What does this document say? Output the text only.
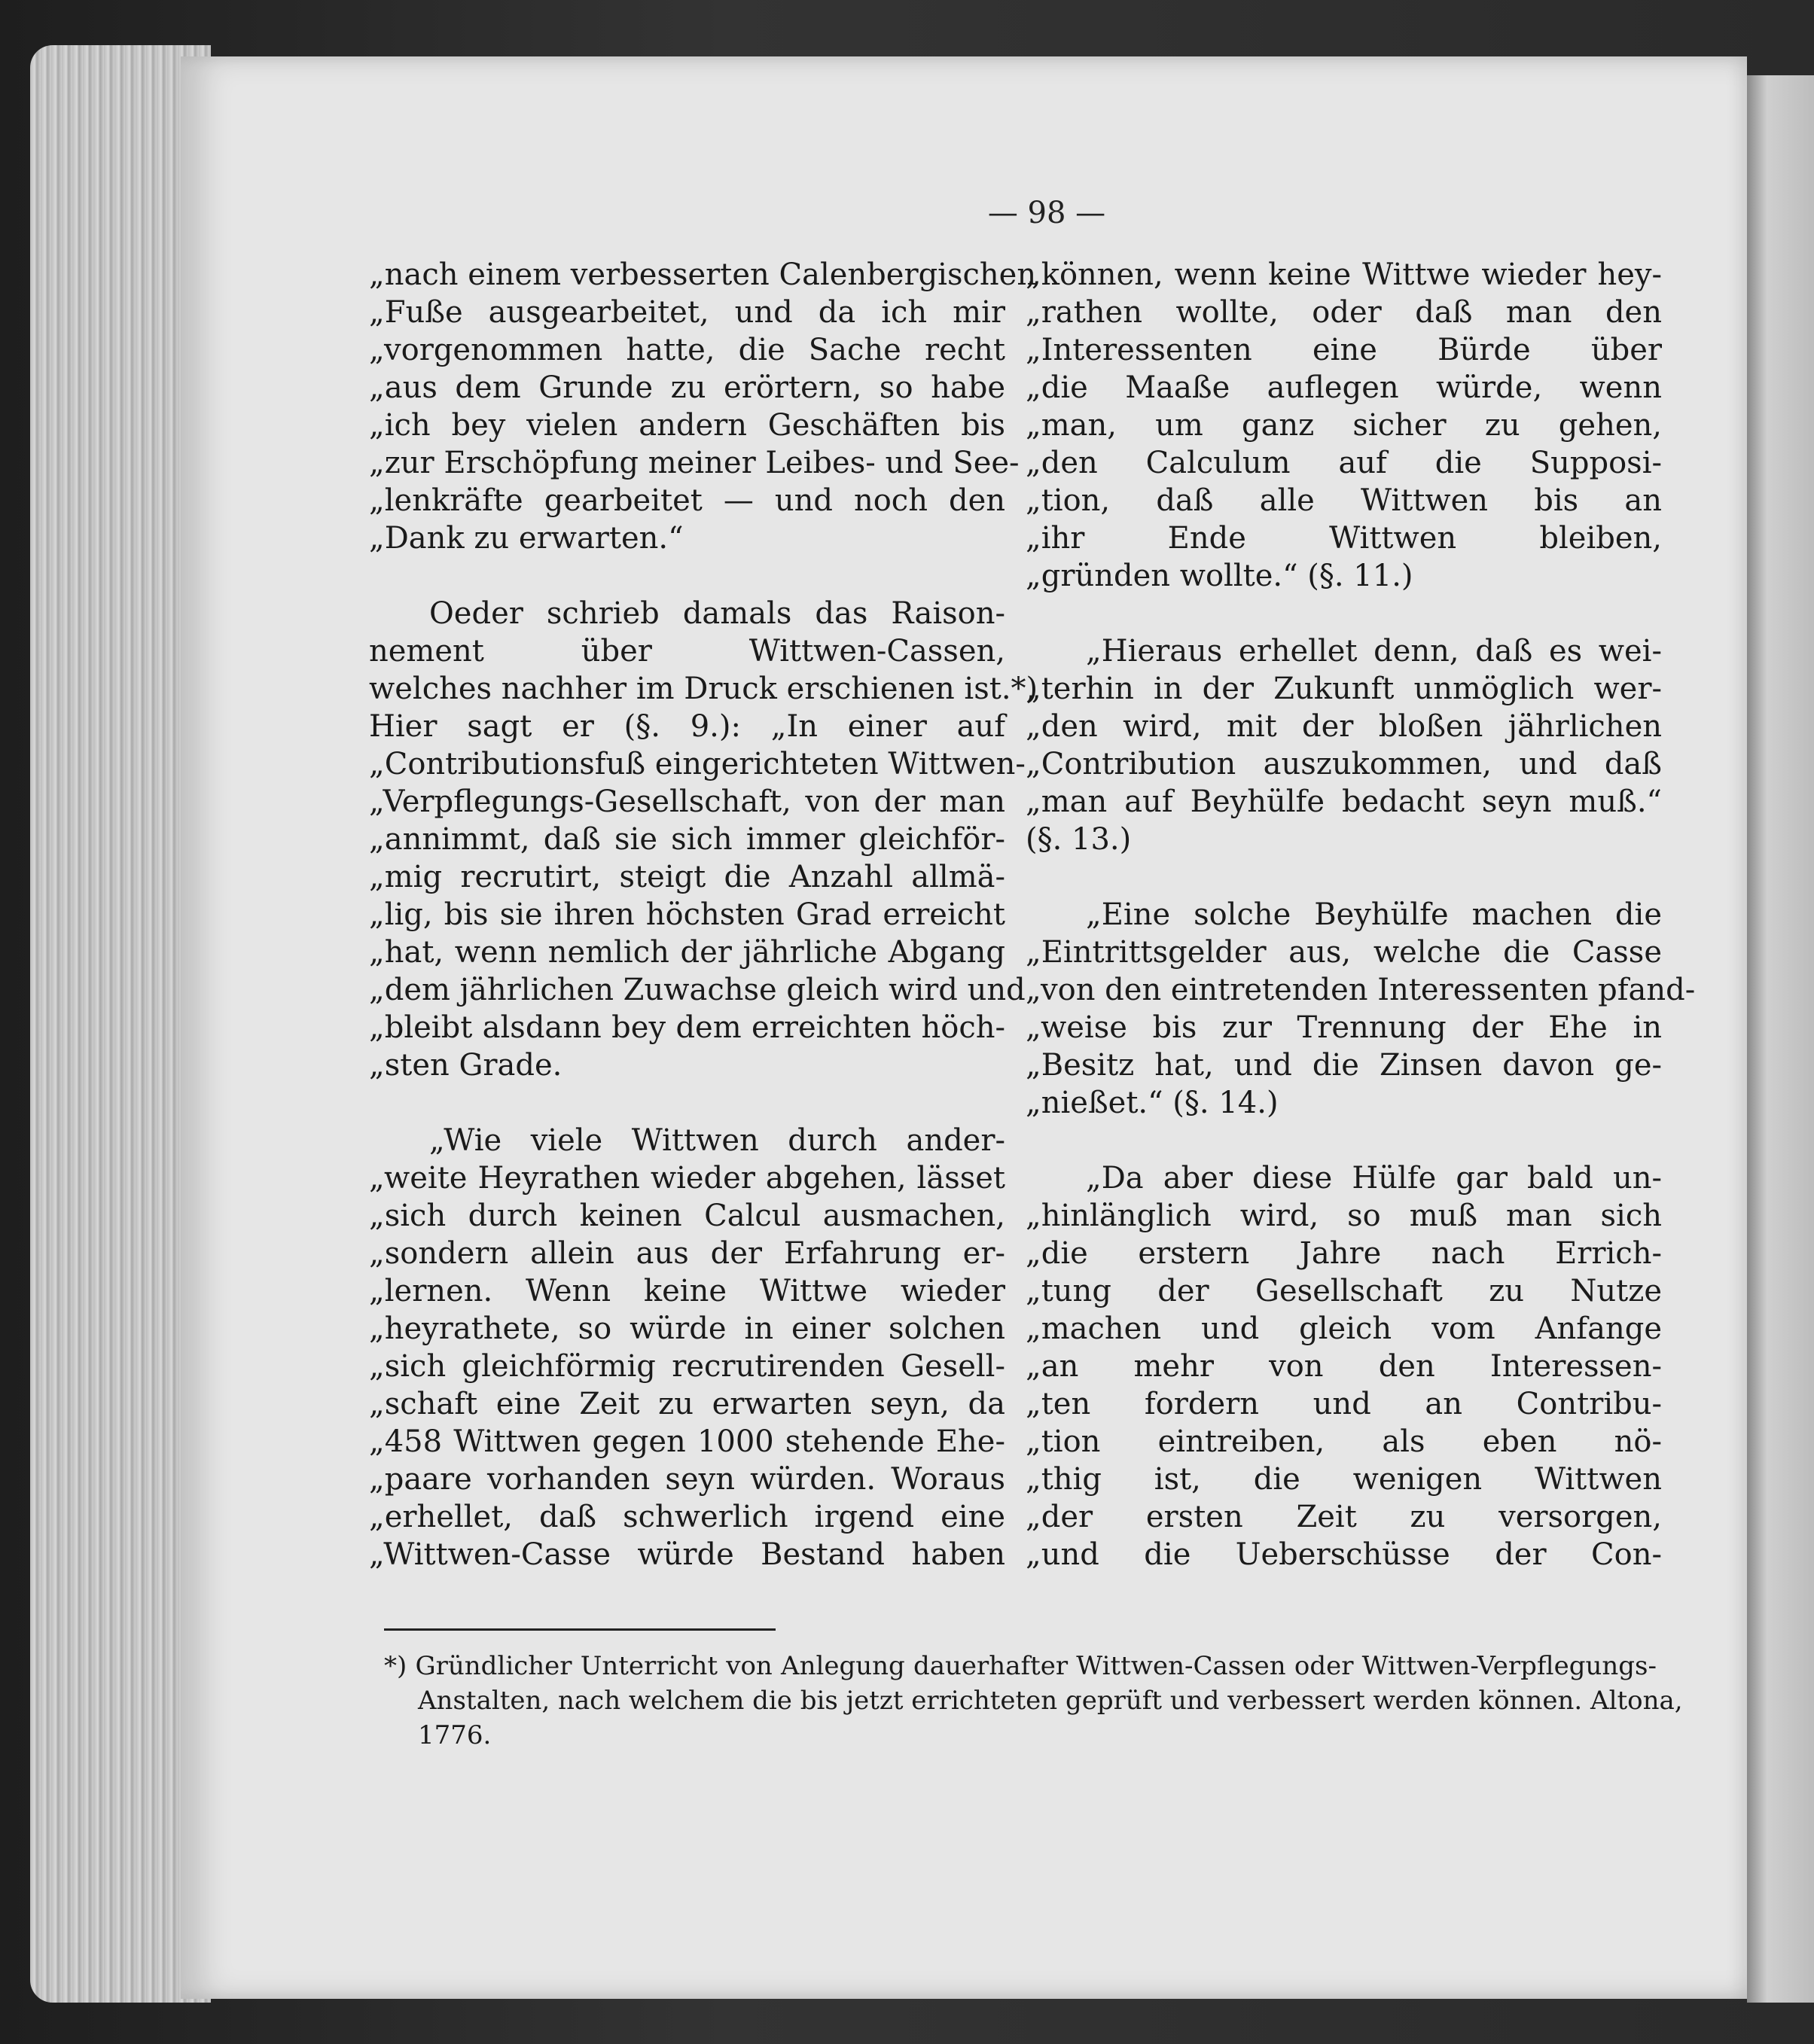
— 98 —

„nach einem verbesserten Calenbergischen
„Fuße ausgearbeitet, und da ich mir
„vorgenommen hatte, die Sache recht
„aus dem Grunde zu erörtern, so habe
„ich bey vielen andern Geschäften bis
„zur Erschöpfung meiner Leibes- und See-
„lenkräfte gearbeitet — und noch den
„Dank zu erwarten.“

Oeder schrieb damals das Raison-
nement über Wittwen-Cassen,
welches nachher im Druck erschienen ist.*)
Hier sagt er (§. 9.): „In einer auf
„Contributionsfuß eingerichteten Wittwen-
„Verpflegungs-Gesellschaft, von der man
„annimmt, daß sie sich immer gleichför-
„mig recrutirt, steigt die Anzahl allmä-
„lig, bis sie ihren höchsten Grad erreicht
„hat, wenn nemlich der jährliche Abgang
„dem jährlichen Zuwachse gleich wird und
„bleibt alsdann bey dem erreichten höch-
„sten Grade.

„Wie viele Wittwen durch ander-
„weite Heyrathen wieder abgehen, lässet
„sich durch keinen Calcul ausmachen,
„sondern allein aus der Erfahrung er-
„lernen. Wenn keine Wittwe wieder
„heyrathete, so würde in einer solchen
„sich gleichförmig recrutirenden Gesell-
„schaft eine Zeit zu erwarten seyn, da
„458 Wittwen gegen 1000 stehende Ehe-
„paare vorhanden seyn würden. Woraus
„erhellet, daß schwerlich irgend eine
„Wittwen-Casse würde Bestand haben

„können, wenn keine Wittwe wieder hey-
„rathen wollte, oder daß man den
„Interessenten eine Bürde über
„die Maaße auflegen würde, wenn
„man, um ganz sicher zu gehen,
„den Calculum auf die Supposi-
„tion, daß alle Wittwen bis an
„ihr Ende Wittwen bleiben,
„gründen wollte.“ (§. 11.)

„Hieraus erhellet denn, daß es wei-
„terhin in der Zukunft unmöglich wer-
„den wird, mit der bloßen jährlichen
„Contribution auszukommen, und daß
„man auf Beyhülfe bedacht seyn muß.“
(§. 13.)

„Eine solche Beyhülfe machen die
„Eintrittsgelder aus, welche die Casse
„von den eintretenden Interessenten pfand-
„weise bis zur Trennung der Ehe in
„Besitz hat, und die Zinsen davon ge-
„nießet.“ (§. 14.)

„Da aber diese Hülfe gar bald un-
„hinlänglich wird, so muß man sich
„die erstern Jahre nach Errich-
„tung der Gesellschaft zu Nutze
„machen und gleich vom Anfange
„an mehr von den Interessen-
„ten fordern und an Contribu-
„tion eintreiben, als eben nö-
„thig ist, die wenigen Wittwen
„der ersten Zeit zu versorgen,
„und die Ueberschüsse der Con-

*) Gründlicher Unterricht von Anlegung dauerhafter Wittwen-Cassen oder Wittwen-Verpflegungs-
Anstalten, nach welchem die bis jetzt errichteten geprüft und verbessert werden können. Altona,
1776.
